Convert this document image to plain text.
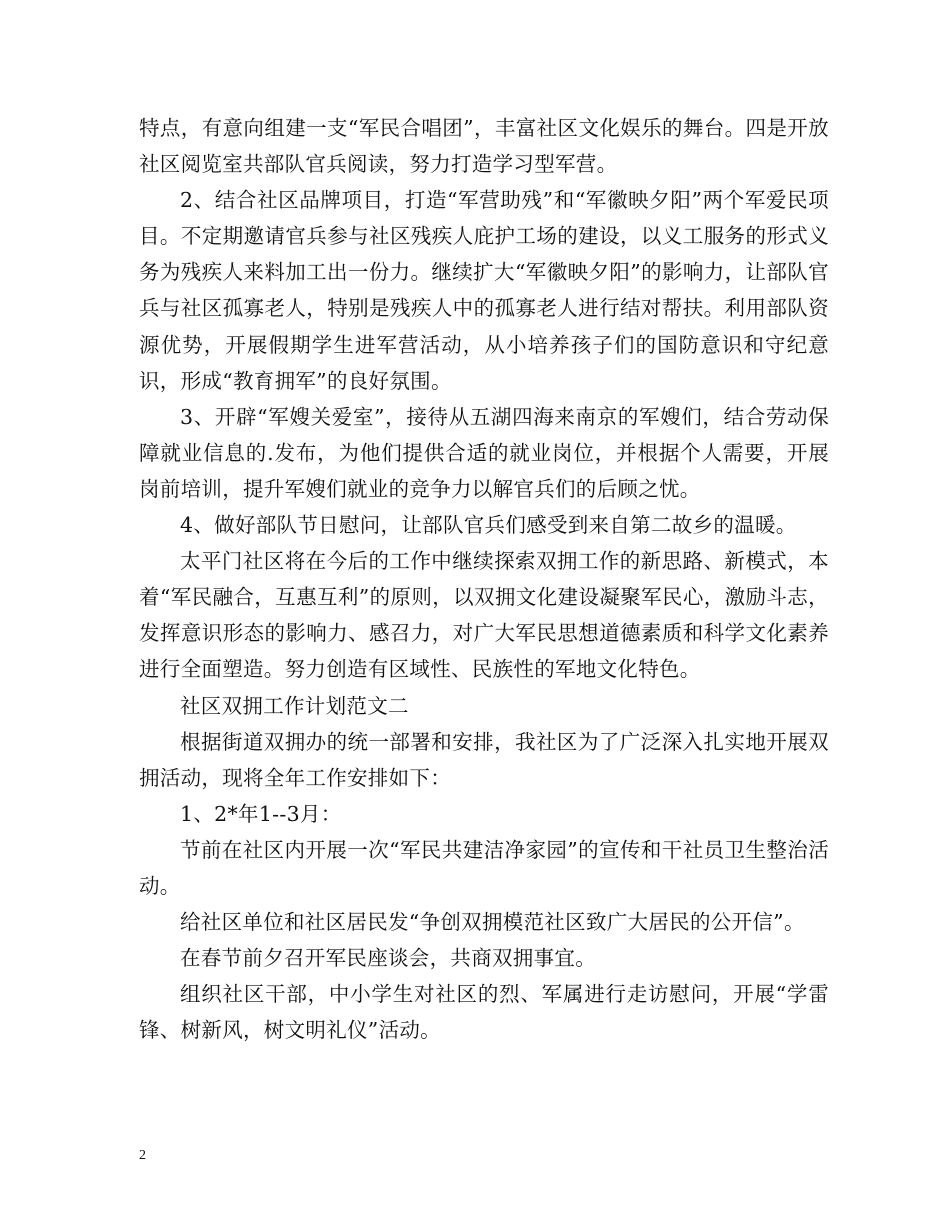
特点，有意向组建一支“军民合唱团”，丰富社区文化娱乐的舞台。四是开放社区阅览室共部队官兵阅读，努力打造学习型军营。

2、结合社区品牌项目，打造“军营助残”和“军徽映夕阳”两个军爱民项目。不定期邀请官兵参与社区残疾人庇护工场的建设，以义工服务的形式义务为残疾人来料加工出一份力。继续扩大“军徽映夕阳”的影响力，让部队官兵与社区孤寡老人，特别是残疾人中的孤寡老人进行结对帮扶。利用部队资源优势，开展假期学生进军营活动，从小培养孩子们的国防意识和守纪意识，形成“教育拥军”的良好氛围。

3、开辟“军嫂关爱室”，接待从五湖四海来南京的军嫂们，结合劳动保障就业信息的.发布，为他们提供合适的就业岗位，并根据个人需要，开展岗前培训，提升军嫂们就业的竞争力以解官兵们的后顾之忧。

4、做好部队节日慰问，让部队官兵们感受到来自第二故乡的温暖。

太平门社区将在今后的工作中继续探索双拥工作的新思路、新模式，本着“军民融合，互惠互利”的原则，以双拥文化建设凝聚军民心，激励斗志，发挥意识形态的影响力、感召力，对广大军民思想道德素质和科学文化素养进行全面塑造。努力创造有区域性、民族性的军地文化特色。

社区双拥工作计划范文二

根据街道双拥办的统一部署和安排，我社区为了广泛深入扎实地开展双拥活动，现将全年工作安排如下：

1、2*年1--3月：

节前在社区内开展一次“军民共建洁净家园”的宣传和干社员卫生整治活动。

给社区单位和社区居民发“争创双拥模范社区致广大居民的公开信”。

在春节前夕召开军民座谈会，共商双拥事宜。

组织社区干部，中小学生对社区的烈、军属进行走访慰问，开展“学雷锋、树新风，树文明礼仪”活动。

2
